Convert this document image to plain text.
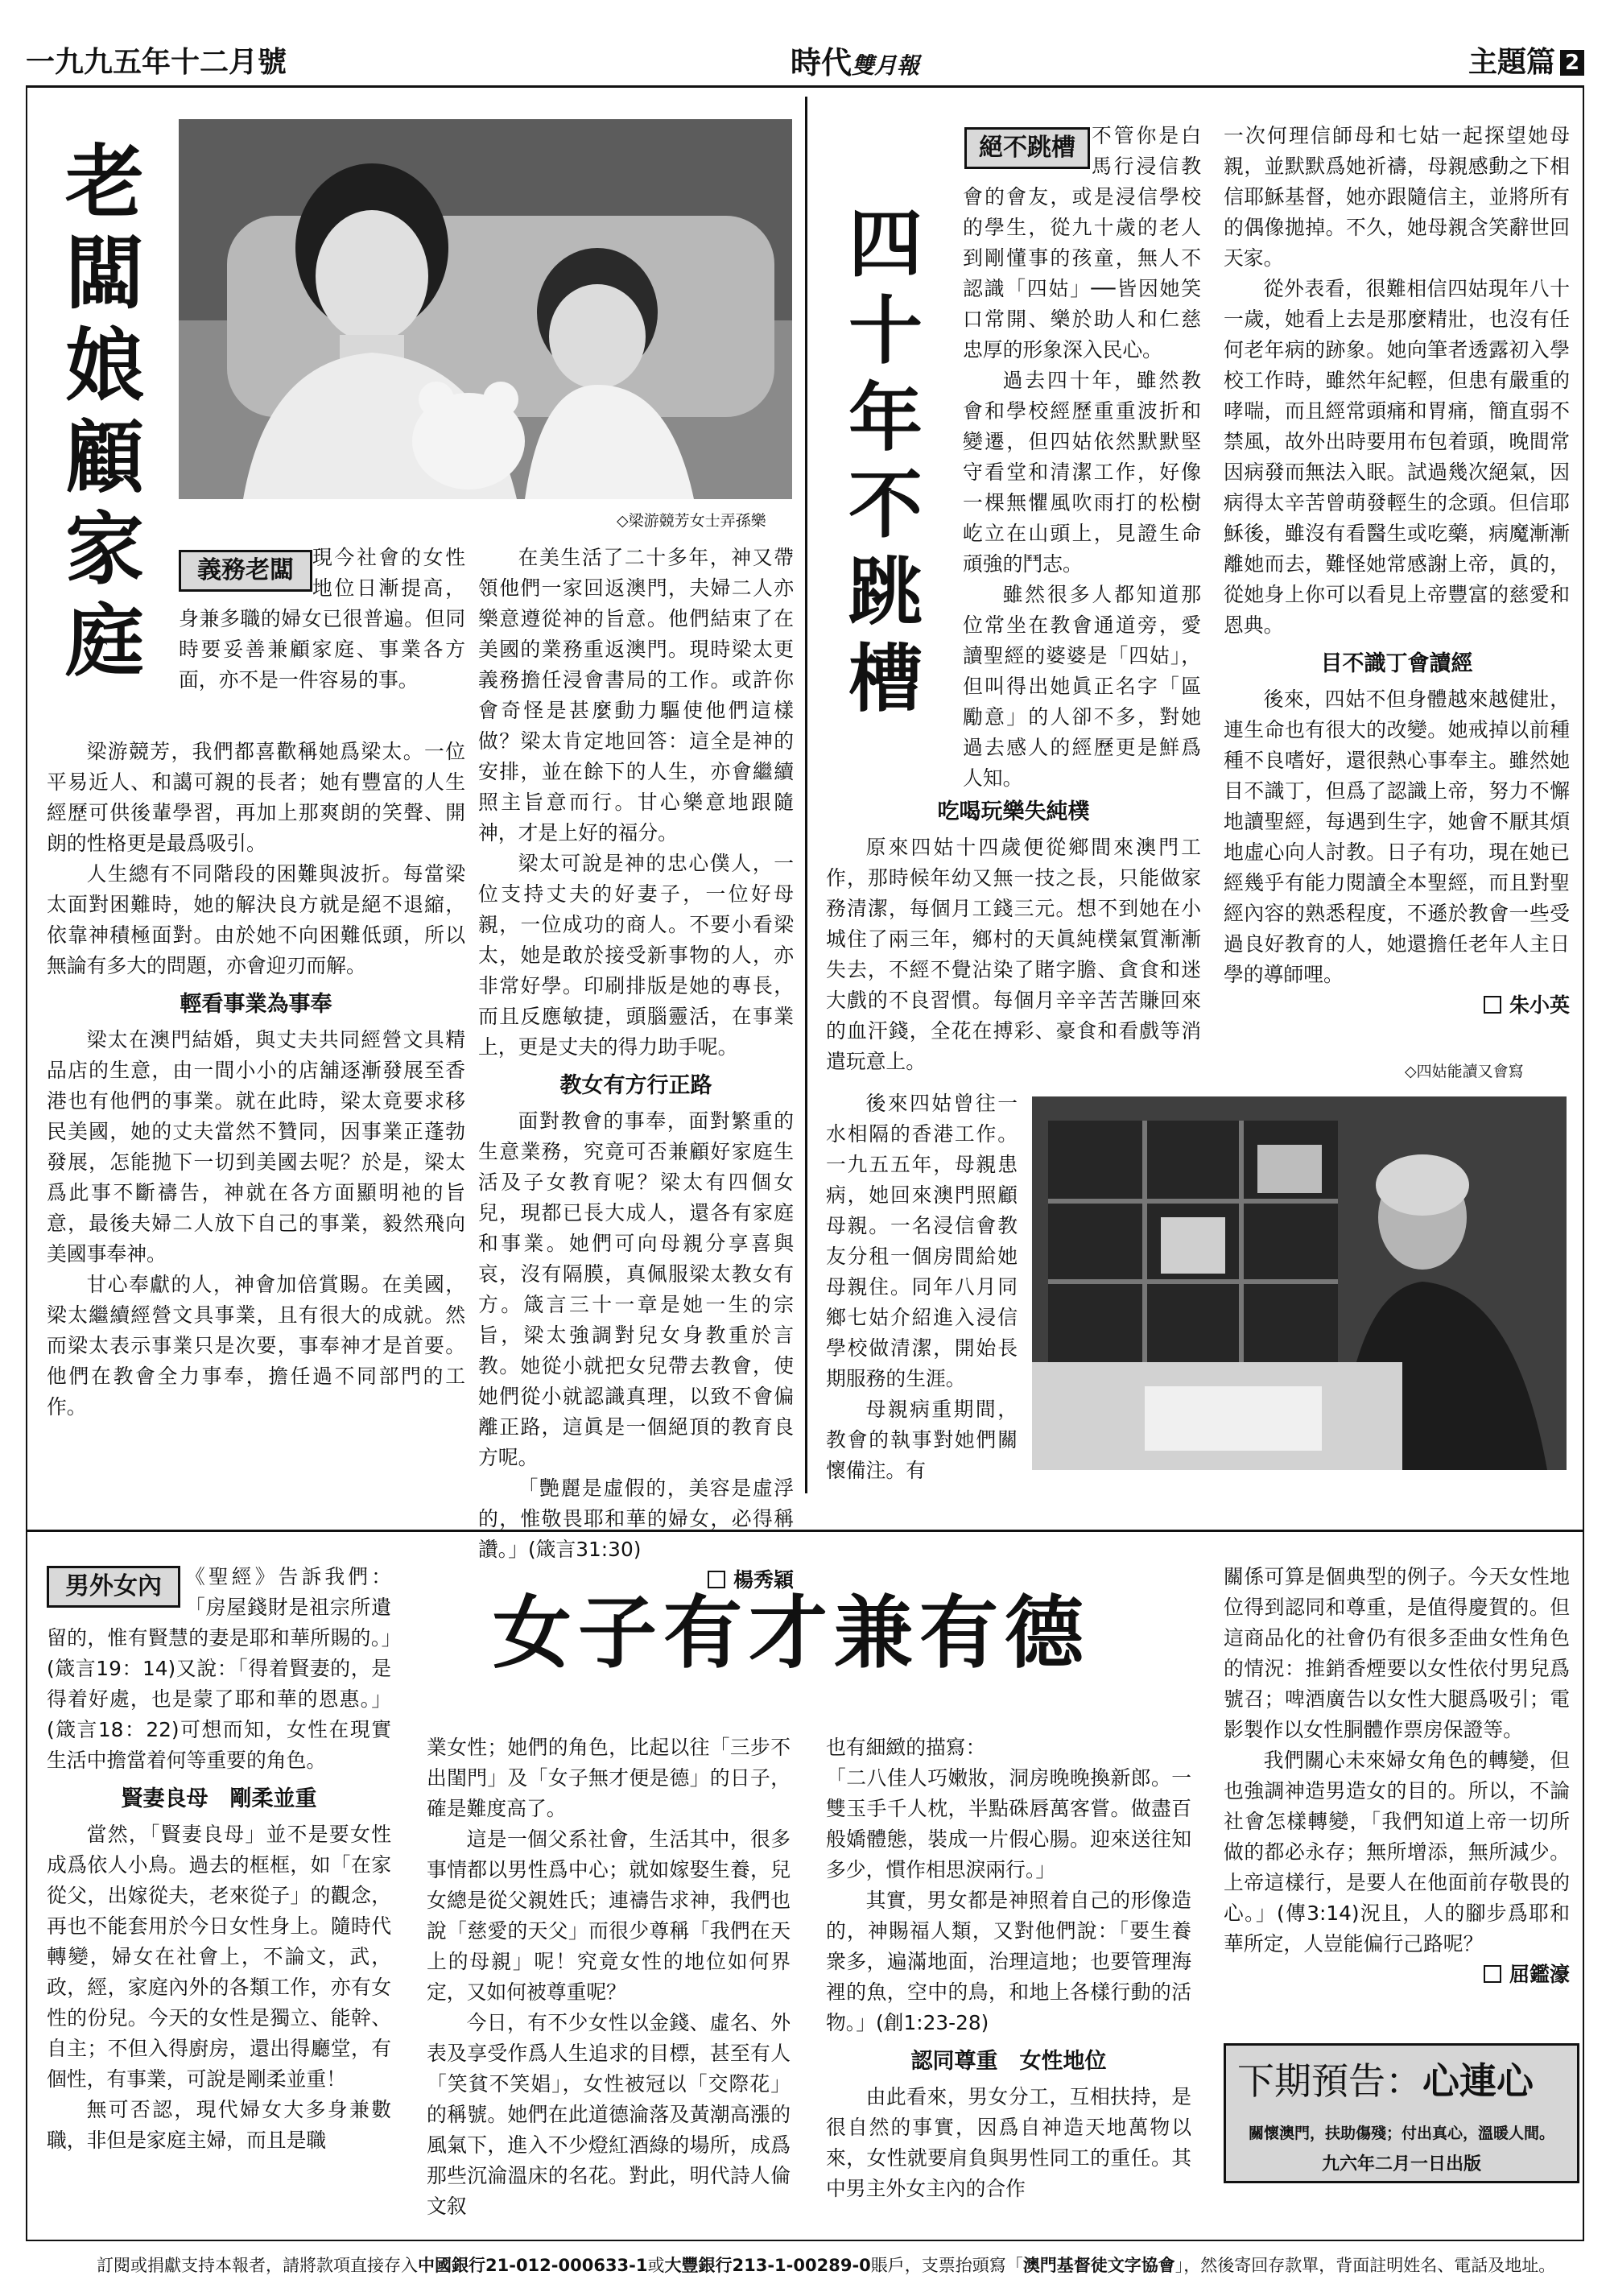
一九九五年十二月號	時代雙月報	主題篇 2
老
闆
娘
顧
家
庭
◇梁游競芳女士弄孫樂
義務老闆 現今社會的女性地位日漸提高，身兼多職的婦女已很普遍。但同時要妥善兼顧家庭、事業各方面，亦不是一件容易的事。

梁游競芳，我們都喜歡稱她爲梁太。一位平易近人、和譪可親的長者；她有豐富的人生經歷可供後輩學習，再加上那爽朗的笑聲、開朗的性格更是最爲吸引。

人生總有不同階段的困難與波折。每當梁太面對困難時，她的解決良方就是絕不退縮，依靠神積極面對。由於她不向困難低頭，所以無論有多大的問題，亦會迎刃而解。

輕看事業為事奉

梁太在澳門結婚，與丈夫共同經營文具精品店的生意，由一間小小的店舖逐漸發展至香港也有他們的事業。就在此時，梁太竟要求移民美國，她的丈夫當然不贊同，因事業正蓬勃發展，怎能拋下一切到美國去呢？於是，梁太爲此事不斷禱告，神就在各方面顯明祂的旨意，最後夫婦二人放下自己的事業，毅然飛向美國事奉神。

甘心奉獻的人，神會加倍賞賜。在美國，梁太繼續經營文具事業，且有很大的成就。然而梁太表示事業只是次要，事奉神才是首要。他們在教會全力事奉，擔任過不同部門的工作。

在美生活了二十多年，神又帶領他們一家回返澳門，夫婦二人亦樂意遵從神的旨意。他們結束了在美國的業務重返澳門。現時梁太更義務擔任浸會書局的工作。或許你會奇怪是甚麼動力驅使他們這樣做？梁太肯定地回答：這全是神的安排，並在餘下的人生，亦會繼續照主旨意而行。甘心樂意地跟隨神，才是上好的福分。

梁太可說是神的忠心僕人，一位支持丈夫的好妻子，一位好母親，一位成功的商人。不要小看梁太，她是敢於接受新事物的人，亦非常好學。印刷排版是她的專長，而且反應敏捷，頭腦靈活，在事業上，更是丈夫的得力助手呢。

教女有方行正路

面對教會的事奉，面對繁重的生意業務，究竟可否兼顧好家庭生活及子女教育呢？梁太有四個女兒，現都已長大成人，還各有家庭和事業。她們可向母親分享喜與哀，沒有隔膜，真佩服梁太教女有方。箴言三十一章是她一生的宗旨，梁太強調對兒女身教重於言教。她從小就把女兒帶去教會，使她們從小就認識真理，以致不會偏離正路，這眞是一個絕頂的教育良方呢。

「艷麗是虛假的，美容是虛浮的，惟敬畏耶和華的婦女，必得稱讚。」(箴言31:30)

楊秀穎
四
十
年
不
跳
槽
絕不跳槽 不管你是白馬行浸信教會的會友，或是浸信學校的學生，從九十歲的老人到剛懂事的孩童，無人不認識「四姑」──皆因她笑口常開、樂於助人和仁慈忠厚的形象深入民心。

過去四十年，雖然教會和學校經歷重重波折和變遷，但四姑依然默默堅守看堂和清潔工作，好像一棵無懼風吹雨打的松樹屹立在山頭上，見證生命頑強的鬥志。

雖然很多人都知道那位常坐在教會通道旁，愛讀聖經的婆婆是「四姑」，但叫得出她眞正名字「區勵意」的人卻不多，對她過去感人的經歷更是鮮爲人知。

吃喝玩樂失純樸

原來四姑十四歲便從鄉間來澳門工作，那時候年幼又無一技之長，只能做家務清潔，每個月工錢三元。想不到她在小城住了兩三年，鄉村的天眞純樸氣質漸漸失去，不經不覺沾染了賭字膽、貪食和迷大戲的不良習慣。每個月辛辛苦苦賺回來的血汗錢，全花在搏彩、豪食和看戲等消遣玩意上。

後來四姑曾往一水相隔的香港工作。一九五五年，母親患病，她回來澳門照顧母親。一名浸信會教友分租一個房間給她母親住。同年八月同鄉七姑介紹進入浸信學校做清潔，開始長期服務的生涯。

母親病重期間，教會的執事對她們關懷備注。有

◇四姑能讀又會寫

一次何理信師母和七姑一起探望她母親，並默默爲她祈禱，母親感動之下相信耶穌基督，她亦跟隨信主，並將所有的偶像拋掉。不久，她母親含笑辭世回天家。

從外表看，很難相信四姑現年八十一歲，她看上去是那麼精壯，也沒有任何老年病的跡象。她向筆者透露初入學校工作時，雖然年紀輕，但患有嚴重的哮喘，而且經常頭痛和胃痛，簡直弱不禁風，故外出時要用布包着頭，晚間常因病發而無法入眠。試過幾次絕氣，因病得太辛苦曾萌發輕生的念頭。但信耶穌後，雖沒有看醫生或吃藥，病魔漸漸離她而去，難怪她常感謝上帝，眞的，從她身上你可以看見上帝豐富的慈愛和恩典。

目不識丁會讀經

後來，四姑不但身體越來越健壯，連生命也有很大的改變。她戒掉以前種種不良嗜好，還很熱心事奉主。雖然她目不識丁，但爲了認識上帝，努力不懈地讀聖經，每遇到生字，她會不厭其煩地虛心向人討教。日子有功，現在她已經幾乎有能力閱讀全本聖經，而且對聖經內容的熟悉程度，不遜於教會一些受過良好教育的人，她還擔任老年人主日學的導師哩。

朱小英
女子有才兼有德
男外女內	《聖經》告訴我們：「房屋錢財是祖宗所遺留的，惟有賢慧的妻是耶和華所賜的。」(箴言19：14)又說：「得着賢妻的，是得着好處，也是蒙了耶和華的恩惠。」(箴言18：22)可想而知，女性在現實生活中擔當着何等重要的角色。

賢妻良母　剛柔並重

當然，「賢妻良母」並不是要女性成爲依人小鳥。過去的框框，如「在家從父，出嫁從夫，老來從子」的觀念，再也不能套用於今日女性身上。隨時代轉變，婦女在社會上，不論文，武，政，經，家庭內外的各類工作，亦有女性的份兒。今天的女性是獨立、能幹、自主；不但入得廚房，還出得廳堂，有個性，有事業，可說是剛柔並重！

無可否認，現代婦女大多身兼數職，非但是家庭主婦，而且是職

業女性；她們的角色，比起以往「三步不出閨門」及「女子無才便是德」的日子，確是難度高了。

這是一個父系社會，生活其中，很多事情都以男性爲中心；就如嫁娶生養，兒女總是從父親姓氏；連禱告求神，我們也說「慈愛的天父」而很少尊稱「我們在天上的母親」呢！究竟女性的地位如何界定，又如何被尊重呢？

今日，有不少女性以金錢、虛名、外表及享受作爲人生追求的目標，甚至有人「笑貧不笑娼」，女性被冠以「交際花」的稱號。她們在此道德淪落及黃潮高漲的風氣下，進入不少燈紅酒綠的場所，成爲那些沉淪溫床的名花。對此，明代詩人倫文叙

也有細緻的描寫：

「二八佳人巧嫩妝，洞房晚晚換新郎。一雙玉手千人枕，半點硃唇萬客嘗。做盡百般嬌體態，裝成一片假心腸。迎來送往知多少，慣作相思淚兩行。」

其實，男女都是神照着自己的形像造的，神賜福人類，又對他們說：「要生養衆多，遍滿地面，治理這地；也要管理海裡的魚，空中的鳥，和地上各樣行動的活物。」(創1:23-28)

認同尊重　女性地位

由此看來，男女分工，互相扶持，是很自然的事實，因爲自神造天地萬物以來，女性就要肩負與男性同工的重任。其中男主外女主內的合作

關係可算是個典型的例子。今天女性地位得到認同和尊重，是值得慶賀的。但這商品化的社會仍有很多歪曲女性角色的情況：推銷香煙要以女性依付男兒爲號召；啤酒廣告以女性大腿爲吸引；電影製作以女性胴體作票房保證等。

我們關心未來婦女角色的轉變，但也強調神造男造女的目的。所以，不論社會怎樣轉變，「我們知道上帝一切所做的都必永存；無所增添，無所減少。上帝這樣行，是要人在他面前存敬畏的心。」(傳3:14)況且，人的腳步爲耶和華所定，人豈能偏行己路呢？

屈鑑濠
下期預告：心連心
關懷澳門，扶助傷殘；付出真心，溫暖人間。
九六年二月一日出版
訂閱或捐獻支持本報者，請將款項直接存入中國銀行21-012-000633-1或大豐銀行213-1-00289-0賬戶，支票抬頭寫「澳門基督徒文字協會」，然後寄回存款單，背面註明姓名、電話及地址。
